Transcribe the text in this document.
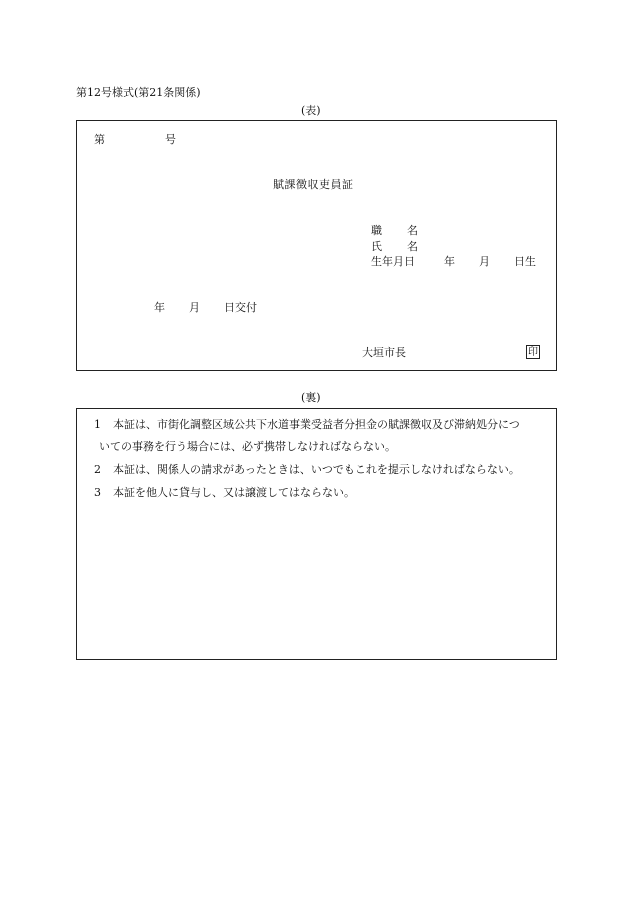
第12号様式(第21条関係)
(表)
第	号
賦課徴収吏員証
職 名
氏 名
生年月日	年 月 日生
年 月 日交付
大垣市長	印
(裏)
1 本証は、市街化調整区域公共下水道事業受益者分担金の賦課徴収及び滞納処分につ
いての事務を行う場合には、必ず携帯しなければならない。
2 本証は、関係人の請求があったときは、いつでもこれを提示しなければならない。
3 本証を他人に貸与し、又は譲渡してはならない。
